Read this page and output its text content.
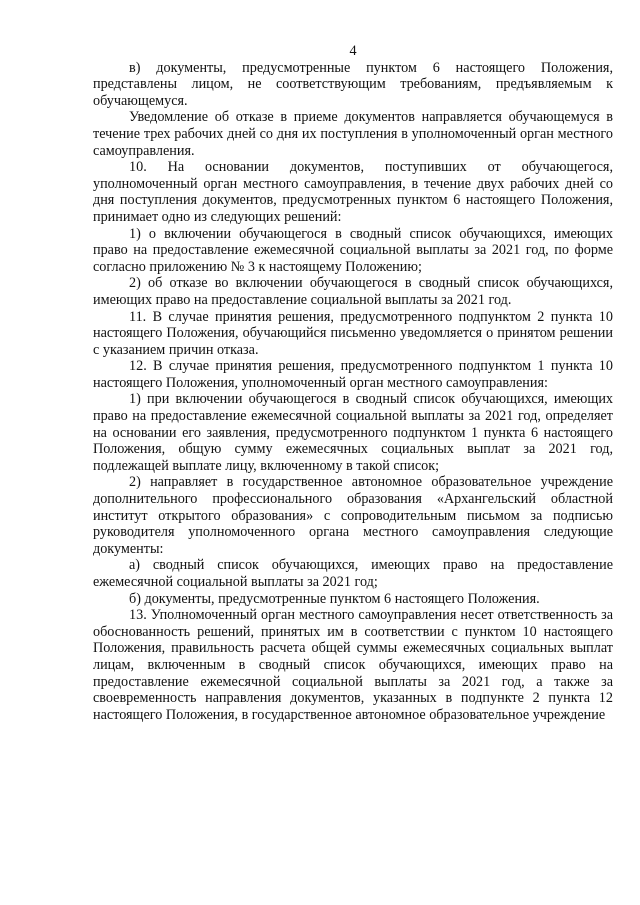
4

в) документы, предусмотренные пунктом 6 настоящего Положения, представлены лицом, не соответствующим требованиям, предъявляемым к обучающемуся.

Уведомление об отказе в приеме документов направляется обучающемуся в течение трех рабочих дней со дня их поступления в уполномоченный орган местного самоуправления.

10. На основании документов, поступивших от обучающегося, уполномоченный орган местного самоуправления, в течение двух рабочих дней со дня поступления документов, предусмотренных пунктом 6 настоящего Положения, принимает одно из следующих решений:

1) о включении обучающегося в сводный список обучающихся, имеющих право на предоставление ежемесячной социальной выплаты за 2021 год, по форме согласно приложению № 3 к настоящему Положению;

2) об отказе во включении обучающегося в сводный список обучающихся, имеющих право на предоставление социальной выплаты за 2021 год.

11. В случае принятия решения, предусмотренного подпунктом 2 пункта 10 настоящего Положения, обучающийся письменно уведомляется о принятом решении с указанием причин отказа.

12. В случае принятия решения, предусмотренного подпунктом 1 пункта 10 настоящего Положения, уполномоченный орган местного самоуправления:

1) при включении обучающегося в сводный список обучающихся, имеющих право на предоставление ежемесячной социальной выплаты за 2021 год, определяет на основании его заявления, предусмотренного подпунктом 1 пункта 6 настоящего Положения, общую сумму ежемесячных социальных выплат за 2021 год, подлежащей выплате лицу, включенному в такой список;

2) направляет в государственное автономное образовательное учреждение дополнительного профессионального образования «Архангельский областной институт открытого образования» с сопроводительным письмом за подписью руководителя уполномоченного органа местного самоуправления следующие документы:

а) сводный список обучающихся, имеющих право на предоставление ежемесячной социальной выплаты за 2021 год;

б) документы, предусмотренные пунктом 6 настоящего Положения.

13. Уполномоченный орган местного самоуправления несет ответственность за обоснованность решений, принятых им в соответствии с пунктом 10 настоящего Положения, правильность расчета общей суммы ежемесячных социальных выплат лицам, включенным в сводный список обучающихся, имеющих право на предоставление ежемесячной социальной выплаты за 2021 год, а также за своевременность направления документов, указанных в подпункте 2 пункта 12 настоящего Положения, в государственное автономное образовательное учреждение
